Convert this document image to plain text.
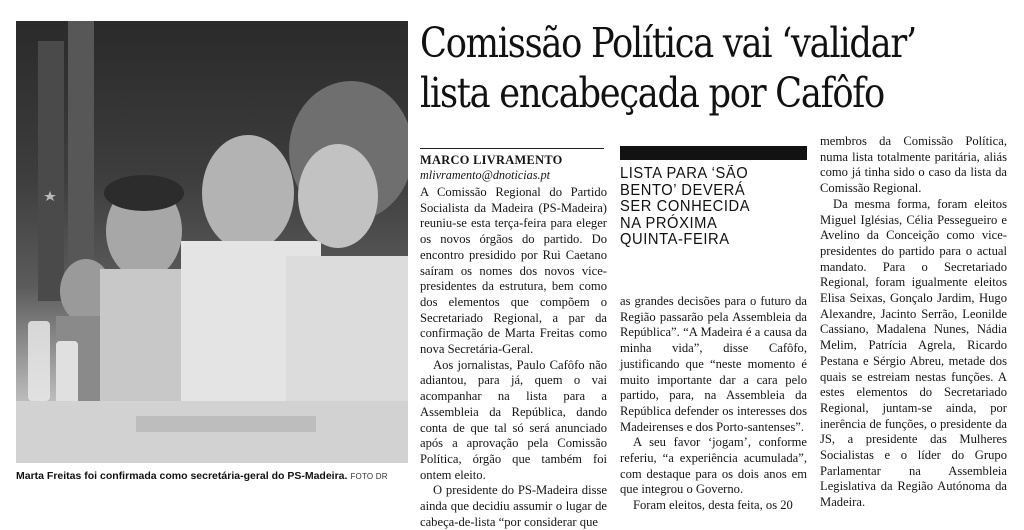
Marta Freitas foi confirmada como secretária-geral do PS-Madeira. FOTO DR
Comissão Política vai ‘validar’
lista encabeçada por Cafôfo
MARCO LIVRAMENTO
mlivramento@dnoticias.pt

A Comissão Regional do Partido Socialista da Madeira (PS-Madeira) reuniu-se esta terça-feira para eleger os novos órgãos do partido. Do encontro presidido por Rui Caetano saíram os nomes dos novos vice-presidentes da estrutura, bem como dos elementos que compõem o Secretariado Regional, a par da confirmação de Marta Freitas como nova Secretária-Geral.

Aos jornalistas, Paulo Cafôfo não adiantou, para já, quem o vai acompanhar na lista para a Assembleia da República, dando conta de que tal só será anunciado após a aprovação pela Comissão Política, órgão que também foi ontem eleito.

O presidente do PS-Madeira disse ainda que decidiu assumir o lugar de cabeça-de-lista “por considerar que

LISTA PARA ‘SÃO
BENTO’ DEVERÁ
SER CONHECIDA
NA PRÓXIMA
QUINTA-FEIRA

as grandes decisões para o futuro da Região passarão pela Assembleia da República”. “A Madeira é a causa da minha vida”, disse Cafôfo, justificando que “neste momento é muito importante dar a cara pelo partido, para, na Assembleia da República defender os interesses dos Madeirenses e dos Porto-santenses”.

A seu favor ‘jogam’, conforme referiu, “a experiência acumulada”, com destaque para os dois anos em que integrou o Governo.

Foram eleitos, desta feita, os 20

membros da Comissão Política, numa lista totalmente paritária, aliás como já tinha sido o caso da lista da Comissão Regional.

Da mesma forma, foram eleitos Miguel Iglésias, Célia Pessegueiro e Avelino da Conceição como vice-presidentes do partido para o actual mandato. Para o Secretariado Regional, foram igualmente eleitos Elisa Seixas, Gonçalo Jardim, Hugo Alexandre, Jacinto Serrão, Leonilde Cassiano, Madalena Nunes, Nádia Melim, Patrícia Agrela, Ricardo Pestana e Sérgio Abreu, metade dos quais se estreiam nestas funções. A estes elementos do Secretariado Regional, juntam-se ainda, por inerência de funções, o presidente da JS, a presidente das Mulheres Socialistas e o líder do Grupo Parlamentar na Assembleia Legislativa da Região Autónoma da Madeira.
